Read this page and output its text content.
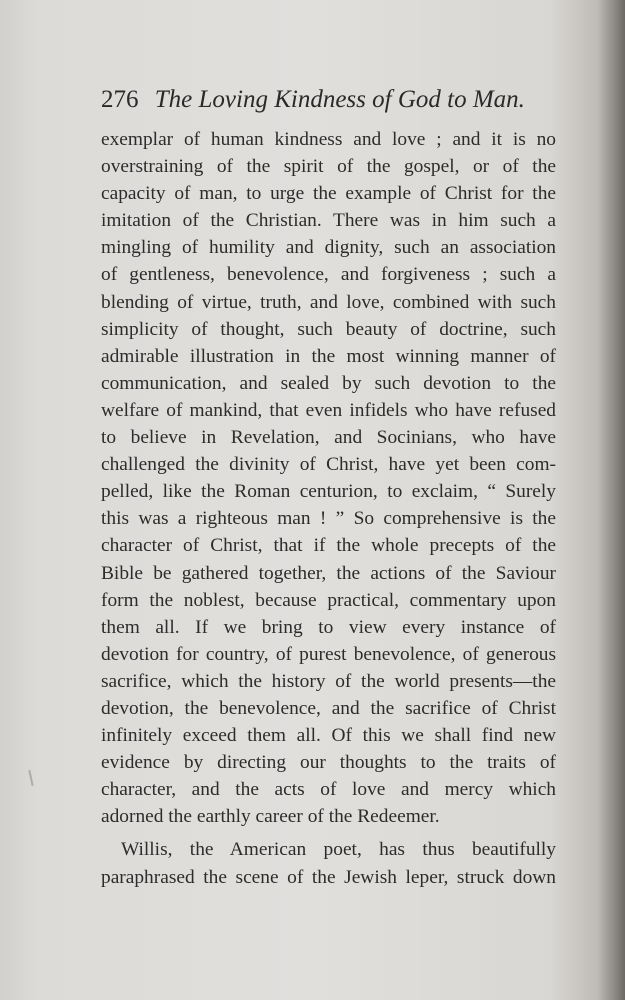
276 The Loving Kindness of God to Man.
exemplar of human kindness and love ; and it is no
overstraining of the spirit of the gospel, or of the
capacity of man, to urge the example of Christ for the
imitation of the Christian. There was in him such a
mingling of humility and dignity, such an association
of gentleness, benevolence, and forgiveness ; such a
blending of virtue, truth, and love, combined with such
simplicity of thought, such beauty of doctrine, such
admirable illustration in the most winning manner of
communication, and sealed by such devotion to the
welfare of mankind, that even infidels who have refused
to believe in Revelation, and Socinians, who have
challenged the divinity of Christ, have yet been com-
pelled, like the Roman centurion, to exclaim, “ Surely
this was a righteous man ! ” So comprehensive is the
character of Christ, that if the whole precepts of the
Bible be gathered together, the actions of the Saviour
form the noblest, because practical, commentary upon
them all. If we bring to view every instance of
devotion for country, of purest benevolence, of generous
sacrifice, which the history of the world presents—the
devotion, the benevolence, and the sacrifice of Christ
infinitely exceed them all. Of this we shall find new
evidence by directing our thoughts to the traits of
character, and the acts of love and mercy which
adorned the earthly career of the Redeemer.
Willis, the American poet, has thus beautifully
paraphrased the scene of the Jewish leper, struck down
